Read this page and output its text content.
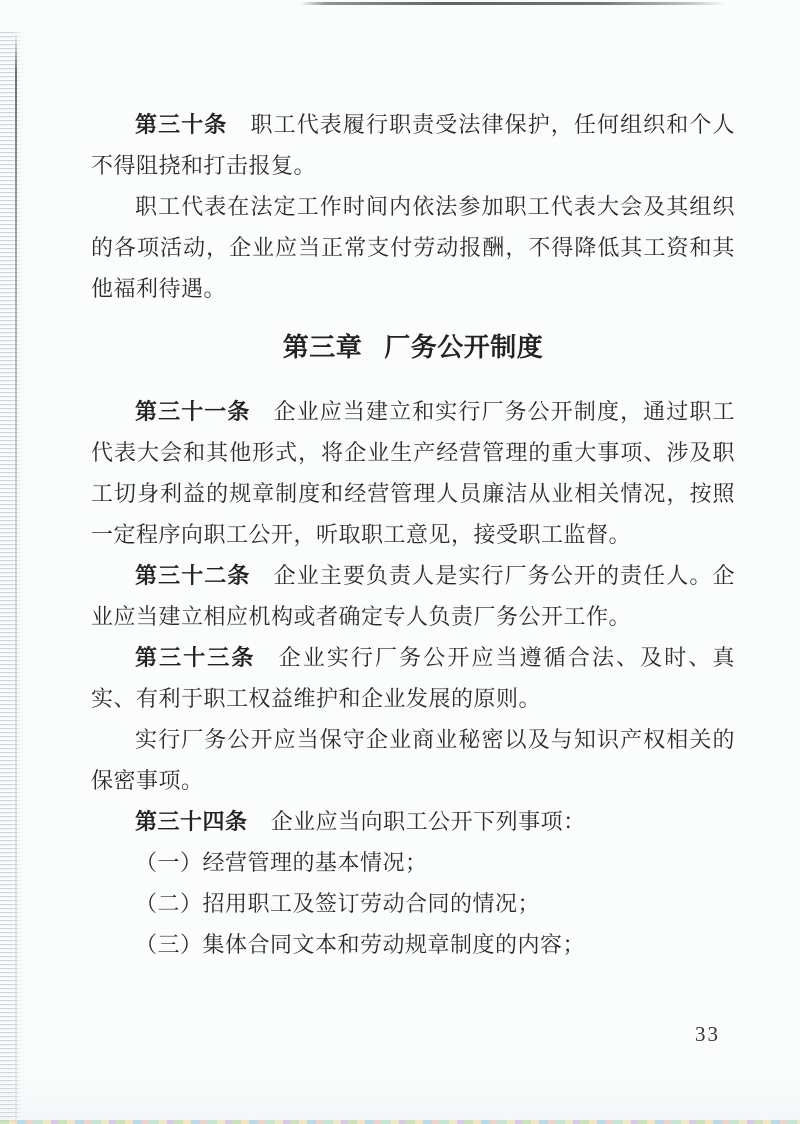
第三十条 职工代表履行职责受法律保护，任何组织和个人不得阻挠和打击报复。

职工代表在法定工作时间内依法参加职工代表大会及其组织的各项活动，企业应当正常支付劳动报酬，不得降低其工资和其他福利待遇。

第三章 厂务公开制度

第三十一条 企业应当建立和实行厂务公开制度，通过职工代表大会和其他形式，将企业生产经营管理的重大事项、涉及职工切身利益的规章制度和经营管理人员廉洁从业相关情况，按照一定程序向职工公开，听取职工意见，接受职工监督。

第三十二条 企业主要负责人是实行厂务公开的责任人。企业应当建立相应机构或者确定专人负责厂务公开工作。

第三十三条 企业实行厂务公开应当遵循合法、及时、真实、有利于职工权益维护和企业发展的原则。

实行厂务公开应当保守企业商业秘密以及与知识产权相关的保密事项。

第三十四条 企业应当向职工公开下列事项：

（一）经营管理的基本情况；

（二）招用职工及签订劳动合同的情况；

（三）集体合同文本和劳动规章制度的内容；

33
